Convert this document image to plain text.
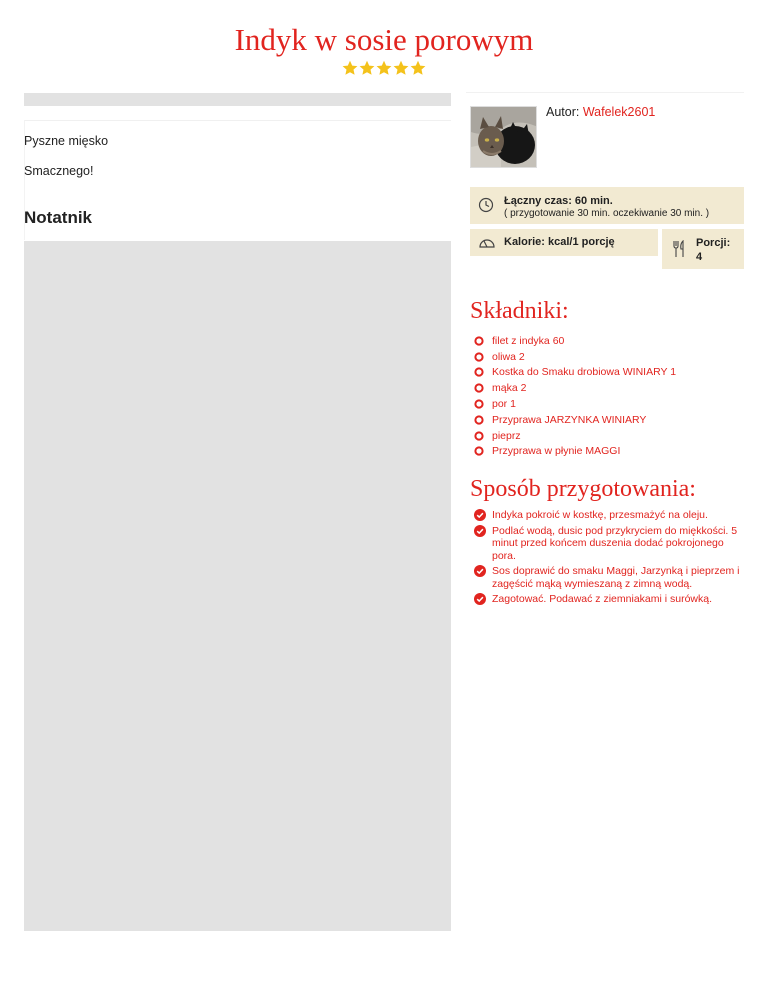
Indyk w sosie porowym

Pyszne mięsko

Smacznego!

Notatnik
Autor: Wafelek2601
Łączny czas: 60 min.
( przygotowanie 30 min. oczekiwanie 30 min. )
Kalorie: kcal/1 porcję	Porcji:
4
Składniki:
filet z indyka 60
oliwa 2
Kostka do Smaku drobiowa WINIARY 1
mąka 2
por 1
Przyprawa JARZYNKA WINIARY
pieprz
Przyprawa w płynie MAGGI
Sposób przygotowania:
Indyka pokroić w kostkę, przesmażyć na oleju.
Podlać wodą, dusic pod przykryciem do miękkości. 5 minut przed końcem duszenia dodać pokrojonego pora.
Sos doprawić do smaku Maggi, Jarzynką i pieprzem i zagęścić mąką wymieszaną z zimną wodą.
Zagotować. Podawać z ziemniakami i surówką.
